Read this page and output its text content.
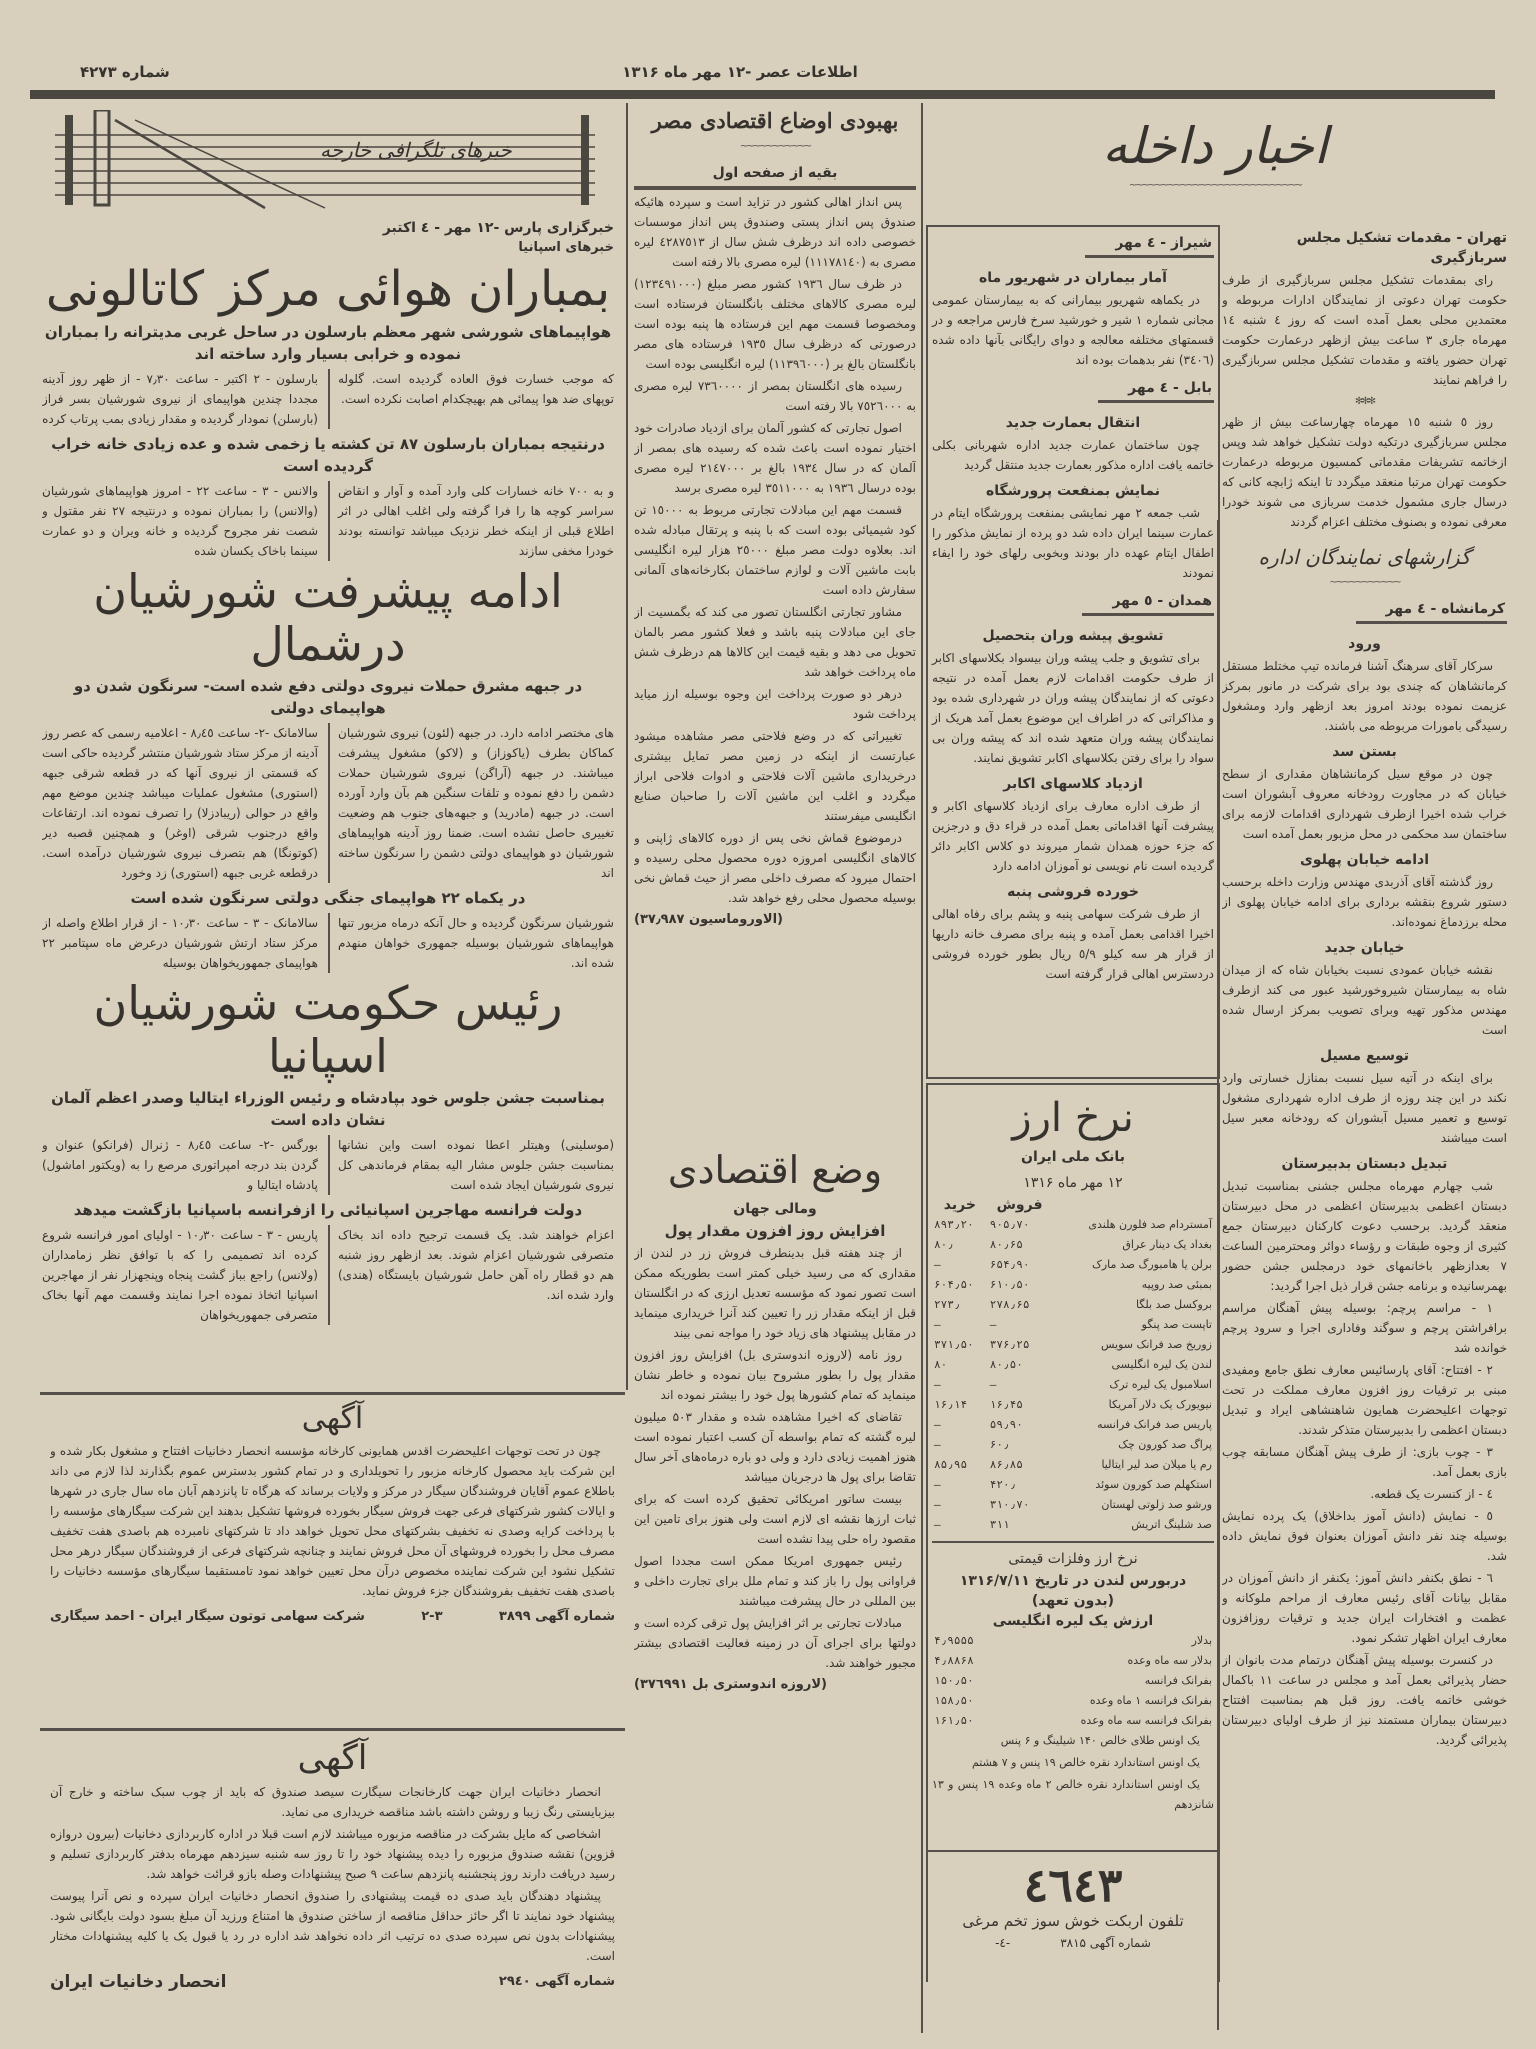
شماره ۴۲۷۳	اطلاعات عصر -۱۲ مهر ماه ۱۳۱۶
خبرهای تلگرافی خارجه
خبرگزاری پارس -۱۲ مهر - ٤ اکتبر
خبرهای اسپانیا
بمباران هوائی مرکز کاتالونی
هواپیماهای شورشی شهر معظم بارسلون در ساحل غربی مدیترانه را بمباران نموده و خرابی بسیار وارد ساخته اند
که موجب خسارت فوق العاده گردیده است. گلوله توپهای ضد هوا پیمائی هم بهیچکدام اصابت نکرده است.
بارسلون - ۲ اکتبر - ساعت ۷٫۳۰ - از ظهر روز آدینه مجددا چندین هواپیمای از نیروی شورشیان بسر فراز (بارسلن) نمودار گردیده و مقدار زیادی بمب پرتاب کرده
درنتیجه بمباران بارسلون ۸۷ تن کشته یا زخمی شده و عده زیادی خانه خراب گردیده است
و به ۷۰۰ خانه خسارات کلی وارد آمده و آوار و انقاض سراسر کوچه ها را فرا گرفته ولی اغلب اهالی در اثر اطلاع قبلی از اینکه خطر نزدیک میباشد توانسته بودند خودرا مخفی سازند
والانس - ۳ - ساعت ۲۲ - امروز هواپیماهای شورشیان (والانس) را بمباران نموده و درنتیجه ۲۷ نفر مقتول و شصت نفر مجروح گردیده و خانه ویران و دو عمارت سینما باخاک یکسان شده
ادامه پیشرفت شورشیان درشمال
در جبهه مشرق حملات نیروی دولتی دفع شده است- سرنگون شدن دو هواپیمای دولتی
های مختصر ادامه دارد. در جبهه (لئون) نیروی شورشیان کماکان بطرف (یاکوزاز) و (لاکو) مشغول پیشرفت میباشند. در جبهه (آراگن) نیروی شورشیان حملات دشمن را دفع نموده و تلفات سنگین هم بآن وارد آورده است. در جبهه (مادرید) و جبهه‌های جنوب هم وضعیت تغییری حاصل نشده است. ضمنا روز آدینه هواپیماهای شورشیان دو هواپیمای دولتی دشمن را سرنگون ساخته اند
سالامانک -۲- ساعت ۸٫٤٥ - اعلامیه رسمی که عصر روز آدینه از مرکز ستاد شورشیان منتشر گردیده حاکی است که قسمتی از نیروی آنها که در قطعه شرقی جبهه (استوری) مشغول عملیات میباشد چندین موضع مهم واقع در حوالی (ریبادزلا) را تصرف نموده اند. ارتفاعات واقع درجنوب شرقی (اوغر) و همچنین قصبه دیر (کوتونگا) هم بتصرف نیروی شورشیان درآمده است. درقطعه غربی جبهه (استوری) زد وخورد
در یکماه ۲۲ هواپیمای جنگی دولتی سرنگون شده است
شورشیان سرنگون گردیده و حال آنکه درماه مزبور تنها هواپیماهای شورشیان بوسیله جمهوری خواهان منهدم شده اند.
سالامانک - ۳ - ساعت ۱۰٫۳۰ - از قرار اطلاع واصله از مرکز ستاد ارتش شورشیان درعرض ماه سپتامبر ۲۲ هواپیمای جمهوریخواهان بوسیله
رئیس حکومت شورشیان اسپانیا
بمناسبت جشن جلوس خود بپادشاه و رئیس الوزراء ایتالیا وصدر اعظم آلمان نشان داده است
(موسلینی) وهیتلر اعطا نموده است واین نشانها بمناسبت جشن جلوس مشار الیه بمقام فرماندهی کل نیروی شورشیان ایجاد شده است
بورگس -۲- ساعت ۸٫٤٥ - ژنرال (فرانکو) عنوان و گردن بند درجه امپراتوری مرصع را به (ویکتور اماشول) پادشاه ایتالیا و
دولت فرانسه مهاجرین اسپانیائی را ازفرانسه باسپانیا بازگشت میدهد
اعزام خواهند شد. یک قسمت ترجیح داده اند بخاک متصرفی شورشیان اعزام شوند. بعد ازظهر روز شنبه هم دو قطار راه آهن حامل شورشیان بایستگاه (هندی) وارد شده اند.
پاریس - ۳ - ساعت ۱۰٫۳۰ - اولیای امور فرانسه شروع کرده اند تصمیمی را که با توافق نظر زمامداران (ولانس) راجع بباز گشت پنجاه وپنجهزار نفر از مهاجرین اسپانیا اتخاذ نموده اجرا نمایند وقسمت مهم آنها بخاک متصرفی جمهوریخواهان
آگهی

چون در تحت توجهات اعلیحضرت اقدس همایونی کارخانه مؤسسه انحصار دخانیات افتتاح و مشغول بکار شده و این شرکت باید محصول کارخانه مزبور را تحویلداری و در تمام کشور بدسترس عموم بگذارند لذا لازم می داند باطلاع عموم آقایان فروشندگان سیگار در مرکز و ولایات برساند که هرگاه تا پانزدهم آبان ماه سال جاری در شهرها و ایالات کشور شرکتهای فرعی جهت فروش سیگار بخورده فروشها تشکیل بدهند این شرکت سیگارهای مؤسسه را با پرداخت کرایه وصدی نه تخفیف بشرکتهای محل تحویل خواهد داد تا شرکتهای نامبرده هم باصدی هفت تخفیف مصرف محل را بخورده فروشهای آن محل فروش نمایند و چنانچه شرکتهای فرعی از فروشندگان سیگار درهر محل تشکیل نشود این شرکت نماینده مخصوص درآن محل تعیین خواهد نمود تامستقیما سیگارهای مؤسسه دخانیات را باصدی هفت تخفیف بفروشندگان جزء فروش نماید.

شماره آگهی ۳۸۹۹
۲-۳
شرکت سهامی توتون سیگار ایران - احمد سیگاری
آگهی

انحصار دخانیات ایران جهت کارخانجات سیگارت سیصد صندوق که باید از چوب سبک ساخته و خارج آن بیزبایستی رنگ زیبا و روشن داشته باشد مناقصه خریداری می نماید.

اشخاصی که مایل بشرکت در مناقصه مزبوره میباشند لازم است قبلا در اداره کاربردازی دخانیات (بیرون دروازه قزوین) نقشه صندوق مزبوره را دیده پیشنهاد خود را تا روز سه شنبه سیزدهم مهرماه بدفتر کاربردازی تسلیم و رسید دریافت دارند روز پنجشنبه پانزدهم ساعت ۹ صبح پیشنهادات وصله بازو قرائت خواهد شد.

پیشنهاد دهندگان باید صدی ده قیمت پیشنهادی را صندوق انحصار دخانیات ایران سپرده و نص آنرا پیوست پیشنهاد خود نمایند تا اگر حائز حداقل مناقصه از ساختن صندوق ها امتناع ورزید آن مبلغ بسود دولت بایگانی شود. پیشنهادات بدون نص سپرده صدی ده ترتیب اثر داده نخواهد شد اداره در رد یا قبول یک یا کلیه پیشنهادات مختار است.

شماره آگهی ۲۹٤٠
انحصار دخانیات ایران
بهبودی اوضاع اقتصادی مصر
~~~~~~~~~~~
بقیه از صفحه اول

پس انداز اهالی کشور در تزاید است و سپرده هائیکه صندوق پس انداز پستی وصندوق پس انداز موسسات خصوصی داده اند درظرف شش سال از ٤۲۸۷٥۱۳ لیره مصری به (۱۱۱۷۸۱٤٠) لیره مصری بالا رفته است

در ظرف سال ۱۹۳٦ کشور مصر مبلغ (۱۲۳٤۹۱٠٠٠) لیره مصری کالاهای مختلف بانگلستان فرستاده است ومخصوصا قسمت مهم این فرستاده ها پنبه بوده است درصورتی که درظرف سال ۱۹۳٥ فرستاده های مصر بانگلستان بالغ بر (۱۱۳۹٦٠٠٠) لیره انگلیسی بوده است

رسیده های انگلستان بمصر از ۷۳٦٠٠٠٠ لیره مصری به ۷٥۲٦٠٠٠ بالا رفته است

اصول تجارتی که کشور آلمان برای ازدیاد صادرات خود اختیار نموده است باعث شده که رسیده های بمصر از آلمان که در سال ۱۹۳٤ بالغ بر ۲۱٤۷٠٠٠ لیره مصری بوده درسال ۱۹۳٦ به ۳٥۱۱٠٠٠ لیره مصری برسد

قسمت مهم این مبادلات تجارتی مربوط به ۱٥٠٠٠ تن کود شیمیائی بوده است که با پنبه و پرتقال مبادله شده اند. بعلاوه دولت مصر مبلغ ۲٥٠٠٠ هزار لیره انگلیسی بابت ماشین آلات و لوازم ساختمان بکارخانه‌های آلمانی سفارش داده است

مشاور تجارتی انگلستان تصور می کند که بگمسیت از جای این مبادلات پنبه باشد و فعلا کشور مصر بالمان تحویل می دهد و بقیه قیمت این کالاها هم درظرف شش ماه پرداخت خواهد شد

درهر دو صورت پرداخت این وجوه بوسیله ارز میاید پرداخت شود

تغییراتی که در وضع فلاحتی مصر مشاهده میشود عبارتست از اینکه در زمین مصر تمایل بیشتری درخریداری ماشین آلات فلاحتی و ادوات فلاحی ابراز میگردد و اغلب این ماشین آلات را صاحبان صنایع انگلیسی میفرستند

درموضوع قماش نخی پس از دوره کالاهای ژاپنی و کالاهای انگلیسی امروزه دوره محصول محلی رسیده و احتمال میرود که مصرف داخلی مصر از حیث قماش نخی بوسیله محصول محلی رفع خواهد شد.

(الاوروماسیون ۳۷٫۹۸۷)
وضع اقتصادی
ومالی جهان
افزایش روز افزون مقدار پول

از چند هفته قبل بدینطرف فروش زر در لندن از مقداری که می رسید خیلی کمتر است بطوریکه ممکن است تصور نمود که مؤسسه تعدیل ارزی که در انگلستان قبل از اینکه مقدار زر را تعیین کند آنرا خریداری مینماید در مقابل پیشنهاد های زیاد خود را مواجه نمی بیند

روز نامه (لاروزه اندوستری بل) افزایش روز افزون مقدار پول را بطور مشروح بیان نموده و خاطر نشان مینماید که تمام کشورها پول خود را بیشتر نموده اند

تقاضای که اخیرا مشاهده شده و مقدار ۵۰۳ میلیون لیره گشته که تمام بواسطه آن کسب اعتبار نموده است هنوز اهمیت زیادی دارد و ولی دو باره درماه‌های آخر سال تقاضا برای پول ها درجریان میباشد

بیست ساتور امریکائی تحقیق کرده است که برای ثبات ارزها نقشه ای لازم است ولی هنوز برای تامین این مقصود راه حلی پیدا نشده است

رئیس جمهوری امریکا ممکن است مجددا اصول فراوانی پول را باز کند و تمام ملل برای تجارت داخلی و بین المللی در حال پیشرفت میباشند

مبادلات تجارتی بر اثر افزایش پول ترقی کرده است و دولتها برای اجرای آن در زمینه فعالیت اقتصادی بیشتر مجبور خواهند شد.

(لاروزه اندوستری بل ۳۷٦۹۹۱)
اخبار داخله
~~~~~~~~~~~~~~~~~~~~~~~~~~~
شیراز - ٤ مهر
آمار بیماران در شهریور ماه

در یکماهه شهریور بیمارانی که به بیمارستان عمومی مجانی شماره ۱ شیر و خورشید سرخ فارس مراجعه و در قسمتهای مختلفه معالجه و دوای رایگانی بآنها داده شده (۳٤٠٦) نفر بدهمات بوده اند

بابل - ٤ مهر
انتقال بعمارت جدید

چون ساختمان عمارت جدید اداره شهربانی بکلی خاتمه یافت اداره مذکور بعمارت جدید منتقل گردید

نمایش بمنفعت پرورشگاه

شب جمعه ۲ مهر نمایشی بمنفعت پرورشگاه ایتام در عمارت سینما ایران داده شد دو پرده از نمایش مذکور را اطفال ایتام عهده دار بودند وبخوبی رلهای خود را ایفاء نمودند

همدان - ٥ مهر
تشویق پیشه وران بتحصیل

برای تشویق و جلب پیشه وران بیسواد بکلاسهای اکابر از طرف حکومت اقدامات لازم بعمل آمده در نتیجه دعوتی که از نمایندگان پیشه وران در شهرداری شده بود و مذاکراتی که در اطراف این موضوع بعمل آمد هریک از نمایندگان پیشه وران متعهد شده اند که پیشه وران بی سواد را برای رفتن بکلاسهای اکابر تشویق نمایند.

ازدیاد کلاسهای اکابر

از طرف اداره معارف برای ازدیاد کلاسهای اکابر و پیشرفت آنها اقداماتی بعمل آمده در قراء دق و درجزین که جزء حوزه همدان شمار میروند دو کلاس اکابر دائر گردیده است نام نویسی نو آموزان ادامه دارد

خورده فروشی پنبه

از طرف شرکت سهامی پنبه و پشم برای رفاه اهالی اخیرا اقدامی بعمل آمده و پنبه برای مصرف خانه داریها از قرار هر سه کیلو ٥/۹ ریال بطور خورده فروشی دردسترس اهالی قرار گرفته است

نرخ ارز
بانک ملی ایران
۱۲ مهر ماه ۱۳۱۶
	فروش	خرید
آمستردام صد فلورن هلندی	۹۰۵٫۷۰	۸۹۳٫۲۰
بغداد یک دینار عراق	۸۰٫۶۵	۸۰٫
برلن یا هامبورگ صد مارک	۶۵۴٫۹۰	—
بمبئی صد روپیه	۶۱۰٫۵۰	۶۰۴٫۵۰
بروکسل صد بلگا	۲۷۸٫۶۵	۲۷۳٫
تاپست صد پنگو	—	—
زوریخ صد فرانک سویس	۳۷۶٫۲۵	۳۷۱٫۵۰
لندن یک لیره انگلیسی	۸۰٫۵۰	۸۰
اسلامبول یک لیره ترک	—	—
نیویورک یک دلار آمریکا	۱۶٫۴۵	۱۶٫۱۴
پاریس صد فرانک فرانسه	۵۹٫۹۰	—
پراگ صد کورون چک	۶۰٫	—
رم یا میلان صد لیر ایتالیا	۸۶٫۸۵	۸۵٫۹۵
استکهلم صد کورون سوئد	۴۲۰٫	—
ورشو صد زلوتی لهستان	۳۱۰٫۷۰	—
صد شلینگ اتریش	۳۱۱	—
نرخ ارز وفلزات قیمتی
دربورس لندن در تاریخ ۱۳۱۶/۷/۱۱
(بدون تعهد)
ارزش یک لیره انگلیسی
بدلار	۴٫۹۵۵۵
بدلار سه ماه وعده	۴٫۸۸۶۸
بفرانک فرانسه	۱۵۰٫۵۰
بفرانک فرانسه ۱ ماه وعده	۱۵۸٫۵۰
بفرانک فرانسه سه ماه وعده	۱۶۱٫۵۰

یک اونس طلای خالص ۱۴۰ شیلینگ و ۶ پنس

یک اونس استاندارد نقره خالص ۱۹ پنس و ۷ هشتم

یک اونس استاندارد نقره خالص ۲ ماه وعده ۱۹ پنس و ۱۳ شانزدهم

٤٦٤٣
تلفون اربکت خوش سوز تخم مرغی
شماره آگهی ۳۸۱۵
-٤-
تهران - مقدمات تشکیل مجلس سربازگیری

رای بمقدمات تشکیل مجلس سربازگیری از طرف حکومت تهران دعوتی از نمایندگان ادارات مربوطه و معتمدین محلی بعمل آمده است که روز ٤ شنبه ۱٤ مهرماه جاری ۳ ساعت بیش ازظهر درعمارت حکومت تهران حضور یافته و مقدمات تشکیل مجلس سربازگیری را فراهم نمایند

✻✻✻

روز ٥ شنبه ۱٥ مهرماه چهارساعت بیش از ظهر مجلس سربازگیری درتکیه دولت تشکیل خواهد شد وپس ازخاتمه تشریفات مقدماتی کمسیون مربوطه درعمارت حکومت تهران مرتبا منعقد میگردد تا اینکه ژابچه کانی که درسال جاری مشمول خدمت سربازی می شوند خودرا معرفی نموده و بصنوف مختلف اعزام گردند

گزارشهای نمایندگان اداره
~~~~~~~~~~~
کرمانشاه - ٤ مهر
ورود

سرکار آقای سرهنگ آشنا فرمانده تیپ مختلط مستقل کرمانشاهان که چندی بود برای شرکت در مانور بمرکز عزیمت نموده بودند امروز بعد ازظهر وارد ومشغول رسیدگی بامورات مربوطه می باشند.

بستن سد

چون در موقع سیل کرمانشاهان مقداری از سطح خیابان که در مجاورت رودخانه معروف آبشوران است خراب شده اخیرا ازطرف شهرداری اقدامات لازمه برای ساختمان سد محکمی در محل مزبور بعمل آمده است

ادامه خیابان پهلوی

روز گذشته آقای آذربدی مهندس وزارت داخله برحسب دستور شروع بنقشه برداری برای ادامه خیابان پهلوی از محله برزدماغ نموده‌اند.

خیابان جدید

نقشه خیابان عمودی نسبت بخیابان شاه که از میدان شاه به بیمارستان شیروخورشید عبور می کند ازطرف مهندس مذکور تهیه وبرای تصویب بمرکز ارسال شده است

توسیع مسیل

برای اینکه در آتیه سیل نسبت بمنازل خسارتی وارد نکند در این چند روزه از طرف اداره شهرداری مشغول توسیع و تعمیر مسیل آبشوران که رودخانه معبر سیل است میباشند

تبدیل دبستان بدبیرستان

شب چهارم مهرماه مجلس جشنی بمناسبت تبدیل دبستان اعظمی بدبیرستان اعظمی در محل دبیرستان منعقد گردید. برحسب دعوت کارکنان دبیرستان جمع کثیری از وجوه طبقات و رؤساء دوائر ومحترمین الساعت ۷ بعدازظهر باخانمهای خود درمجلس جشن حضور بهمرسانیده و برنامه جشن قرار ذیل اجرا گردید:

۱ - مراسم پرچم: بوسیله پیش آهنگان مراسم برافراشتن پرچم و سوگند وفاداری اجرا و سرود پرچم خوانده شد

۲ - افتتاح: آقای پارسائیس معارف نطق جامع ومفیدی مبنی بر ترقیات روز افزون معارف مملکت در تحت توجهات اعلیحضرت همایون شاهنشاهی ایراد و تبدیل دبستان اعظمی را بدبیرستان متذکر شدند.

۳ - چوب بازی: از طرف پیش آهنگان مسابقه چوب بازی بعمل آمد.

٤ - از کنسرت یک قطعه.

٥ - نمایش (دانش آموز بداخلاق) یک پرده نمایش بوسیله چند نفر دانش آموزان بعنوان فوق نمایش داده شد.

٦ - نطق بکنفر دانش آموز: یکنفر از دانش آموزان در مقابل بیانات آقای رئیس معارف از مراحم ملوکانه و عظمت و افتخارات ایران جدید و ترقیات روزافزون معارف ایران اظهار تشکر نمود.

در کنسرت بوسیله پیش آهنگان درتمام مدت بانوان از حضار پذیرائی بعمل آمد و مجلس در ساعت ۱۱ باکمال خوشی خاتمه یافت. روز قبل هم بمناسبت افتتاح دبیرستان بیماران مستمند نیز از طرف اولیای دبیرستان پذیرائی گردید.
